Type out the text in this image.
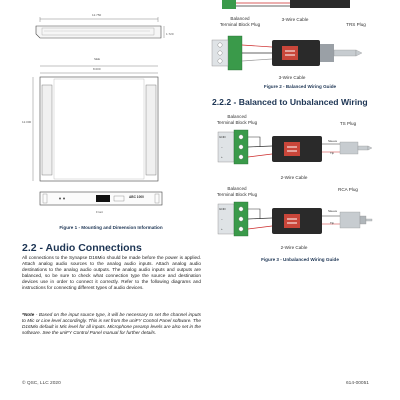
12.750
1.720
SEE
8.000
12.000
ABC 1000
Front
Figure 1 - Mounting and Dimension Information
2.2 - Audio Connections
All connections to the Synapse D16Mio should be made before the power is applied. Attach analog audio sources to the analog audio inputs. Attach analog audio destinations to the analog audio outputs. The analog audio inputs and outputs are balanced, so be sure to check what connection type the source and destination devices use in order to connect it correctly. Refer to the following diagrams and instructions for connecting different types of audio devices.
*Note - Based on the input source type, it will be necessary to set the channel inputs to Mic or Line level accordingly. This is set from the uniFY Control Panel software. The D16Mio default is Mic level for all inputs. Microphone preamp levels are also set in the software. See the uniFY Control Panel manual for further details.
Balanced
Terminal Block Plug
3-Wire Cable
TRS Plug
3-Wire Cable
Figure 2 - Balanced Wiring Guide
2.2.2 - Balanced to Unbalanced Wiring
Balanced
Terminal Block Plug	TS Plug
GND
–
+
Sleeve
Tip
2-Wire Cable
Balanced
Terminal Block Plug
RCA Plug
GND
–
+
Sleeve
Tip
2-Wire Cable
Figure 3 - Unbalanced Wiring Guide
© QSC, LLC 2020	614-00051
